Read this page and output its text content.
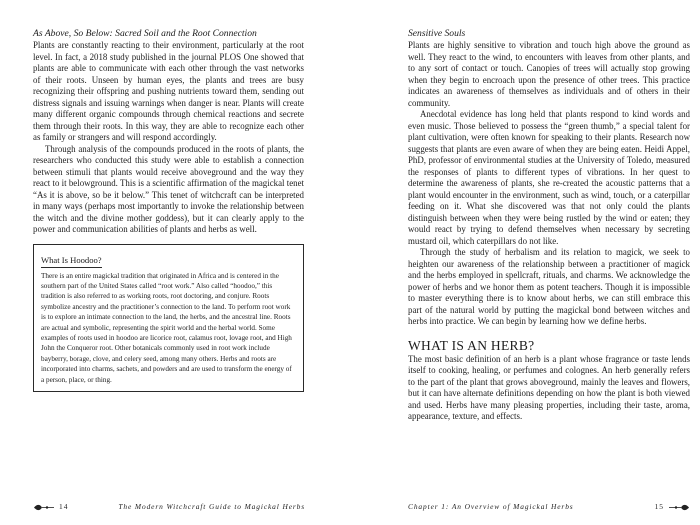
As Above, So Below: Sacred Soil and the Root Connection

Plants are constantly reacting to their environment, particularly at the root level. In fact, a 2018 study published in the journal PLOS One showed that plants are able to communicate with each other through the vast networks of their roots. Unseen by human eyes, the plants and trees are busy recognizing their offspring and pushing nutrients toward them, sending out distress signals and issuing warnings when danger is near. Plants will create many different organic compounds through chemical reactions and secrete them through their roots. In this way, they are able to recognize each other as family or strangers and will respond accordingly.

Through analysis of the compounds produced in the roots of plants, the researchers who conducted this study were able to establish a connection between stimuli that plants would receive aboveground and the way they react to it belowground. This is a scientific affirmation of the magickal tenet “As it is above, so be it below.” This tenet of witchcraft can be interpreted in many ways (perhaps most importantly to invoke the relationship between the witch and the divine mother goddess), but it can clearly apply to the power and communication abilities of plants and herbs as well.

What Is Hoodoo?

There is an entire magickal tradition that originated in Africa and is centered in the southern part of the United States called “root work.” Also called “hoodoo,” this tradition is also referred to as working roots, root doctoring, and conjure. Roots symbolize ancestry and the practitioner’s connection to the land. To perform root work is to explore an intimate connection to the land, the herbs, and the ancestral line. Roots are actual and symbolic, representing the spirit world and the herbal world. Some examples of roots used in hoodoo are licorice root, calamus root, lovage root, and High John the Conqueror root. Other botanicals commonly used in root work include bayberry, borage, clove, and celery seed, among many others. Herbs and roots are incorporated into charms, sachets, and powders and are used to transform the energy of a person, place, or thing.

14	The Modern Witchcraft Guide to Magickal Herbs
Sensitive Souls

Plants are highly sensitive to vibration and touch high above the ground as well. They react to the wind, to encounters with leaves from other plants, and to any sort of contact or touch. Canopies of trees will actually stop growing when they begin to encroach upon the presence of other trees. This practice indicates an awareness of themselves as individuals and of others in their community.

Anecdotal evidence has long held that plants respond to kind words and even music. Those believed to possess the “green thumb,” a special talent for plant cultivation, were often known for speaking to their plants. Research now suggests that plants are even aware of when they are being eaten. Heidi Appel, PhD, professor of environmental studies at the University of Toledo, measured the responses of plants to different types of vibrations. In her quest to determine the awareness of plants, she re-created the acoustic patterns that a plant would encounter in the environment, such as wind, touch, or a caterpillar feeding on it. What she discovered was that not only could the plants distinguish between when they were being rustled by the wind or eaten; they would react by trying to defend themselves when necessary by secreting mustard oil, which caterpillars do not like.

Through the study of herbalism and its relation to magick, we seek to heighten our awareness of the relationship between a practitioner of magick and the herbs employed in spellcraft, rituals, and charms. We acknowledge the power of herbs and we honor them as potent teachers. Though it is impossible to master everything there is to know about herbs, we can still embrace this part of the natural world by putting the magickal bond between witches and herbs into practice. We can begin by learning how we define herbs.

WHAT IS AN HERB?

The most basic definition of an herb is a plant whose fragrance or taste lends itself to cooking, healing, or perfumes and colognes. An herb generally refers to the part of the plant that grows aboveground, mainly the leaves and flowers, but it can have alternate definitions depending on how the plant is both viewed and used. Herbs have many pleasing properties, including their taste, aroma, appearance, texture, and effects.

Chapter 1: An Overview of Magickal Herbs	15
